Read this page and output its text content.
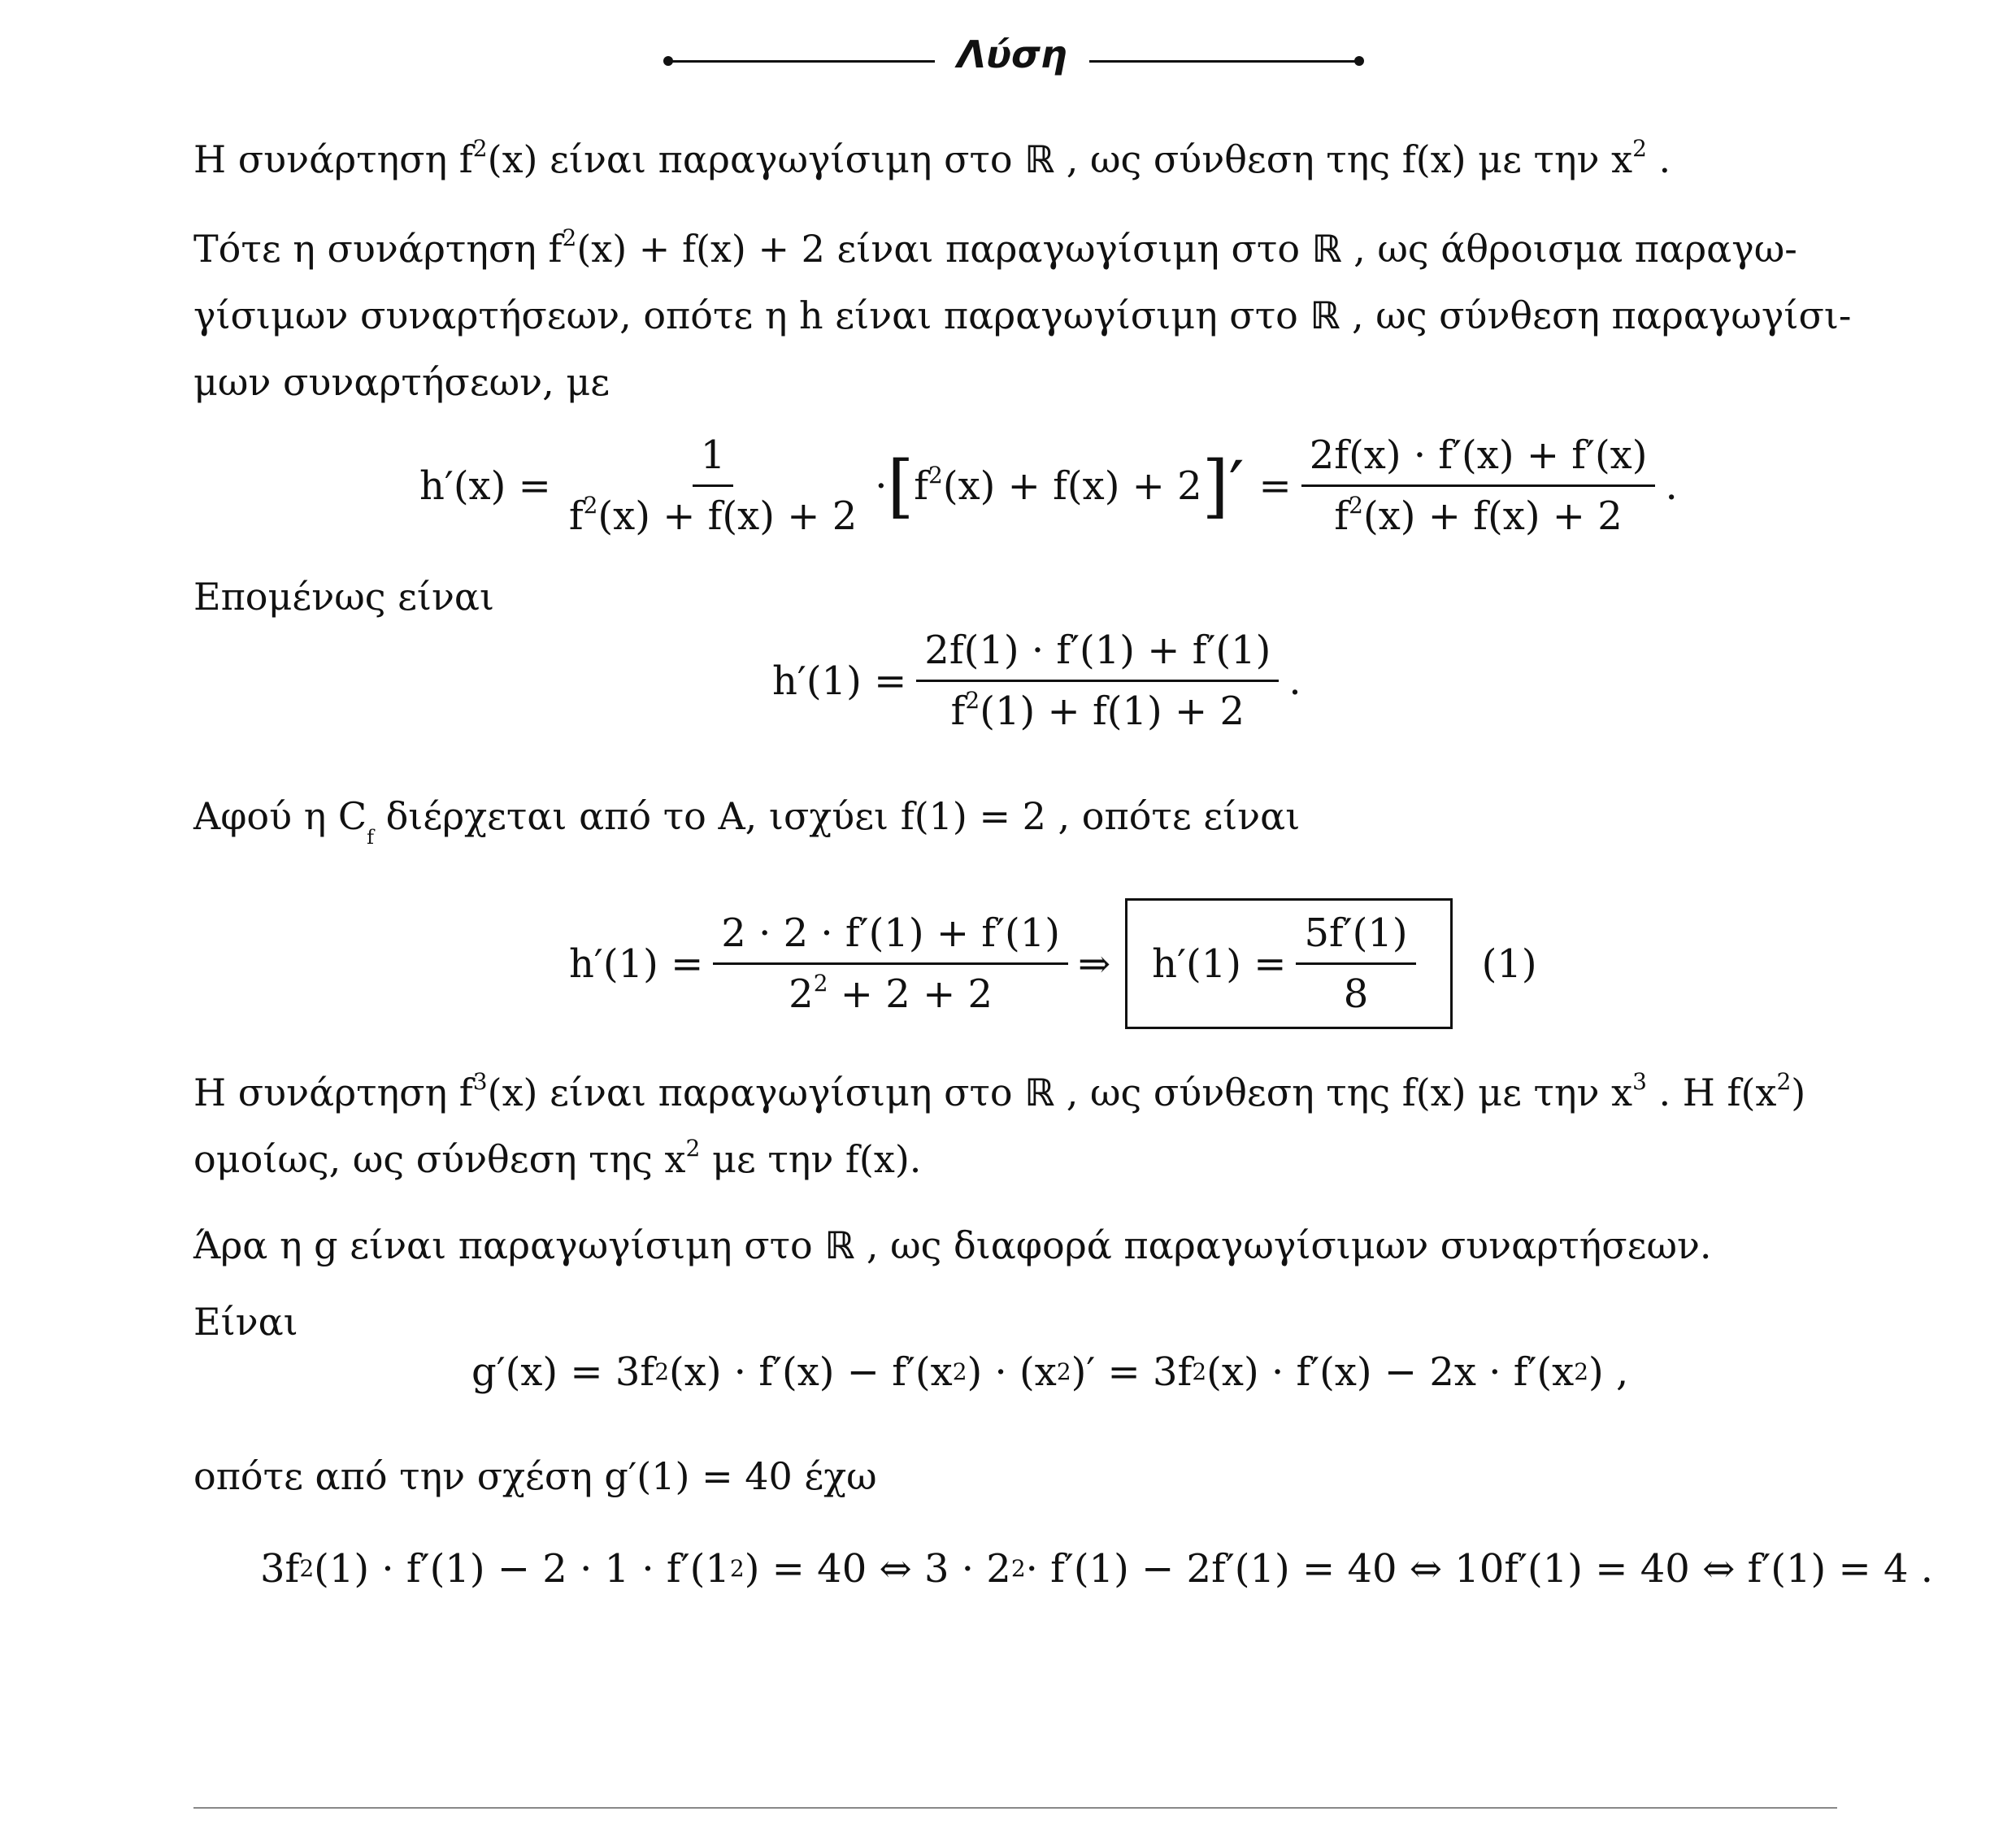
Λύση
Η συνάρτηση $f^2(x)$ είναι παραγωγίσιμη στο ℝ , ως σύνθεση της f(x) με την $x^2$ .
Τότε η συνάρτηση $f^2(x) + f(x) + 2$ είναι παραγωγίσιμη στο ℝ , ως άθροισμα παραγω-
γίσιμων συναρτήσεων, οπότε η h είναι παραγωγίσιμη στο ℝ , ως σύνθεση παραγωγίσι-
μων συναρτήσεων, με
$h'(x) = \frac{1}{f^2(x) + f(x) + 2}$ · [ $f^2(x) + f(x) + 2$ ]′ = $\frac{2f(x) \cdot f'(x) + f'(x)}{f^2(x) + f(x) + 2}$ .
Επομένως είναι
$h'(1) = \frac{2f(1) \cdot f'(1) + f'(1)}{f^2(1) + f(1) + 2}$ .
Αφού η $C_f$ διέρχεται από το Α, ισχύει f(1) = 2 , οπότε είναι
$h'(1) = \frac{2 \cdot 2 \cdot f'(1) + f'(1)}{2^2 + 2 + 2}$ ⇒ $h'(1) = \frac{5f'(1)}{8} (1)$
Η συνάρτηση $f^3(x)$ είναι παραγωγίσιμη στο ℝ , ως σύνθεση της f(x) με την $x^3$ . Η $f(x^2)$
ομοίως, ως σύνθεση της $x^2$ με την f(x).
Άρα η g είναι παραγωγίσιμη στο ℝ , ως διαφορά παραγωγίσιμων συναρτήσεων.
Είναι
g′(x) = 3f 2 (x) · f′(x) − f′(x 2 ) · (x 2 )′ = 3f 2 (x) · f′(x) − 2x · f′(x 2 ) ,
οπότε από την σχέση g′(1) = 40 έχω
3f 2 (1) · f′(1) − 2 · 1 · f′(1 2 ) = 40 ⇔ 3 · 2 2 · f′(1) − 2f′(1) = 40 ⇔ 10f′(1) = 40 ⇔ f′(1) = 4 .
